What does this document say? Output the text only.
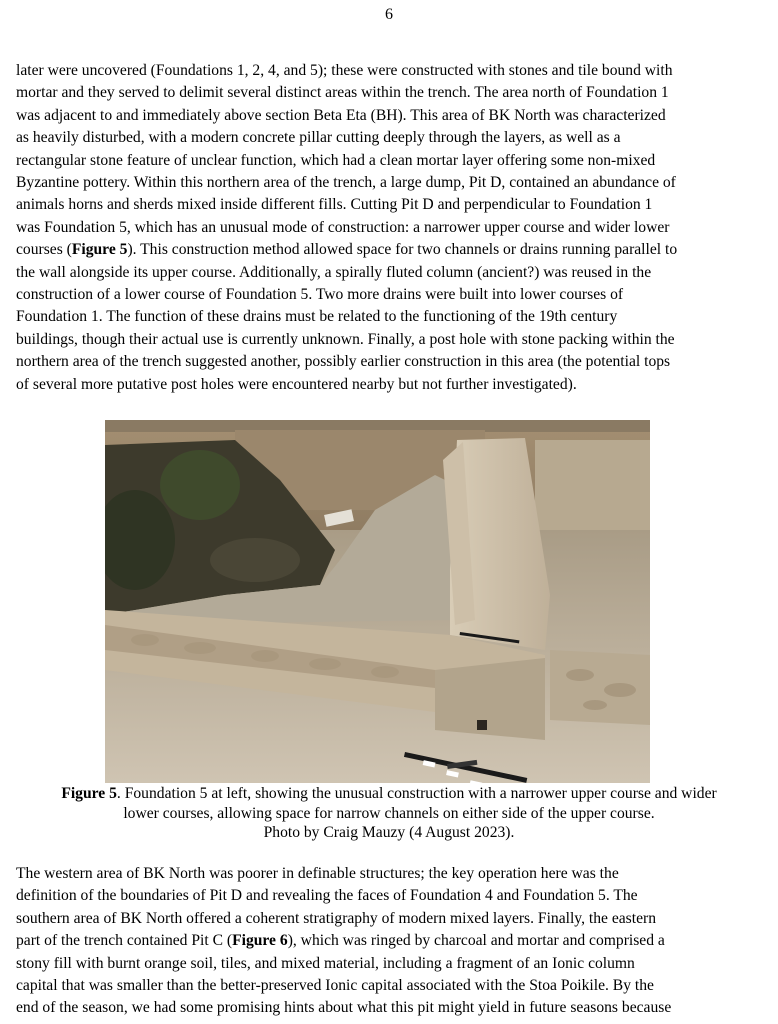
6

later were uncovered (Foundations 1, 2, 4, and 5); these were constructed with stones and tile bound with
mortar and they served to delimit several distinct areas within the trench. The area north of Foundation 1
was adjacent to and immediately above section Beta Eta (BH). This area of BK North was characterized
as heavily disturbed, with a modern concrete pillar cutting deeply through the layers, as well as a
rectangular stone feature of unclear function, which had a clean mortar layer offering some non-mixed
Byzantine pottery. Within this northern area of the trench, a large dump, Pit D, contained an abundance of
animals horns and sherds mixed inside different fills. Cutting Pit D and perpendicular to Foundation 1
was Foundation 5, which has an unusual mode of construction: a narrower upper course and wider lower
courses (Figure 5). This construction method allowed space for two channels or drains running parallel to
the wall alongside its upper course. Additionally, a spirally fluted column (ancient?) was reused in the
construction of a lower course of Foundation 5. Two more drains were built into lower courses of
Foundation 1. The function of these drains must be related to the functioning of the 19th century
buildings, though their actual use is currently unknown. Finally, a post hole with stone packing within the
northern area of the trench suggested another, possibly earlier construction in this area (the potential tops
of several more putative post holes were encountered nearby but not further investigated).

Figure 5. Foundation 5 at left, showing the unusual construction with a narrower upper course and wider
lower courses, allowing space for narrow channels on either side of the upper course.
Photo by Craig Mauzy (4 August 2023).

The western area of BK North was poorer in definable structures; the key operation here was the
definition of the boundaries of Pit D and revealing the faces of Foundation 4 and Foundation 5. The
southern area of BK North offered a coherent stratigraphy of modern mixed layers. Finally, the eastern
part of the trench contained Pit C (Figure 6), which was ringed by charcoal and mortar and comprised a
stony fill with burnt orange soil, tiles, and mixed material, including a fragment of an Ionic column
capital that was smaller than the better-preserved Ionic capital associated with the Stoa Poikile. By the
end of the season, we had some promising hints about what this pit might yield in future seasons because
